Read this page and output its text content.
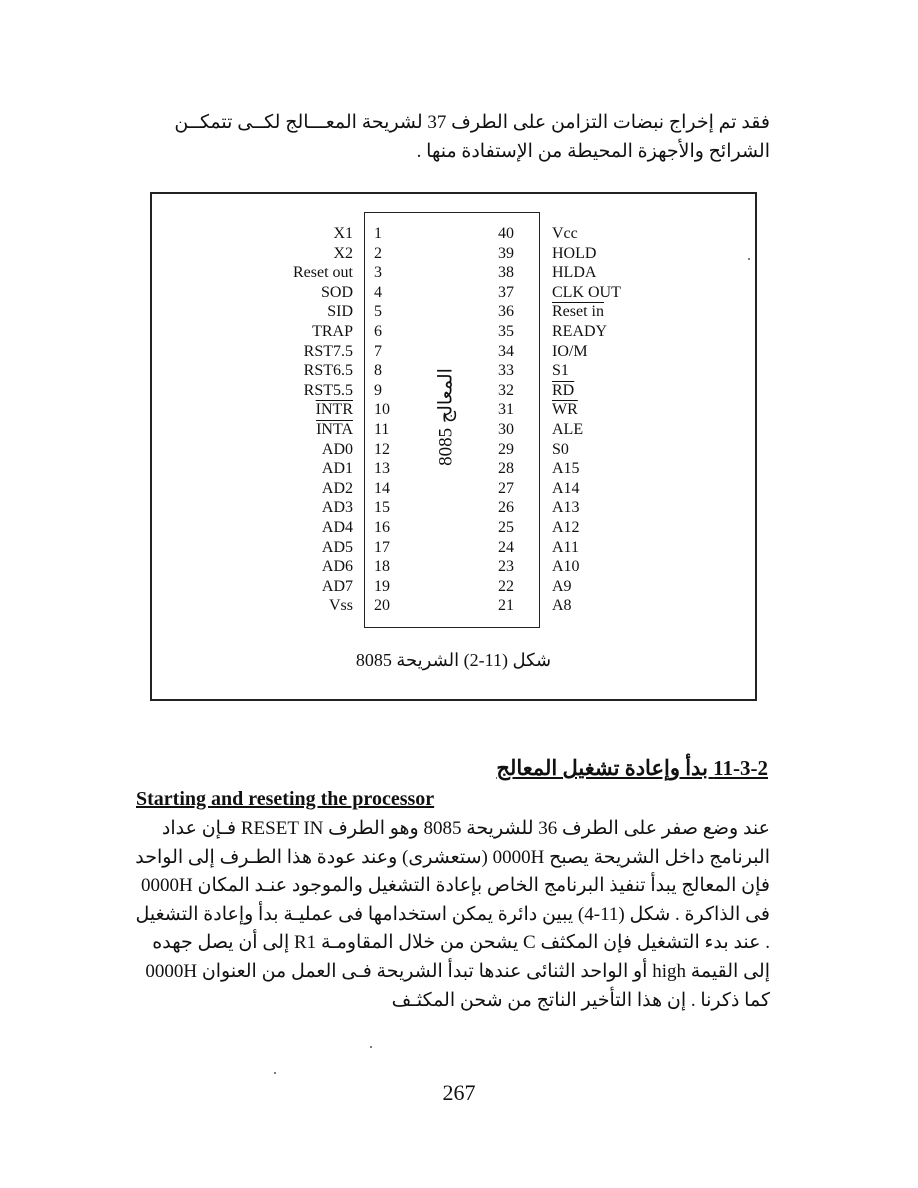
فقد تم إخراج نبضات التزامن على الطرف 37 لشريحة المعـــالج لكــى تتمكــن الشرائح والأجهزة المحيطة من الإستفادة منها .

8085 المعالج
X1 1
X2 2
Reset out 3
SOD 4
SID 5
TRAP 6
RST7.5 7
RST6.5 8
RST5.5 9
INTR 10
INTA 11
AD0 12
AD1 13
AD2 14
AD3 15
AD4 16
AD5 17
AD6 18
AD7 19
Vss 20
40 Vcc
39 HOLD
38 HLDA
37 CLK OUT
36 Reset in
35 READY
34 IO/M
33 S1
32 $\overline{RD}$
31 $\overline{WR}$
30 ALE
29 S0
28 A15
27 A14
26 A13
25 A12
24 A11
23 A10
22 A9
21 A8
شكل (11-2) الشريحة 8085

11-3-2 بدأ وإعادة تشغيل المعالج

Starting and reseting the processor

عند وضع صفر على الطرف 36 للشريحة 8085 وهو الطرف RESET IN فـإن عداد البرنامج داخل الشريحة يصبح 0000H (ستعشرى) وعند عودة هذا الطـرف إلى الواحد فإن المعالج يبدأ تنفيذ البرنامج الخاص بإعادة التشغيل والموجود عنـد المكان 0000H فى الذاكرة . شكل (11-4) يبين دائرة يمكن استخدامها فى عمليـة بدأ وإعادة التشغيل . عند بدء التشغيل فإن المكثف C يشحن من خلال المقاومـة R1 إلى أن يصل جهده إلى القيمة high أو الواحد الثنائى عندها تبدأ الشريحة فـى العمل من العنوان 0000H كما ذكرنا . إن هذا التأخير الناتج من شحن المكثـف

267
